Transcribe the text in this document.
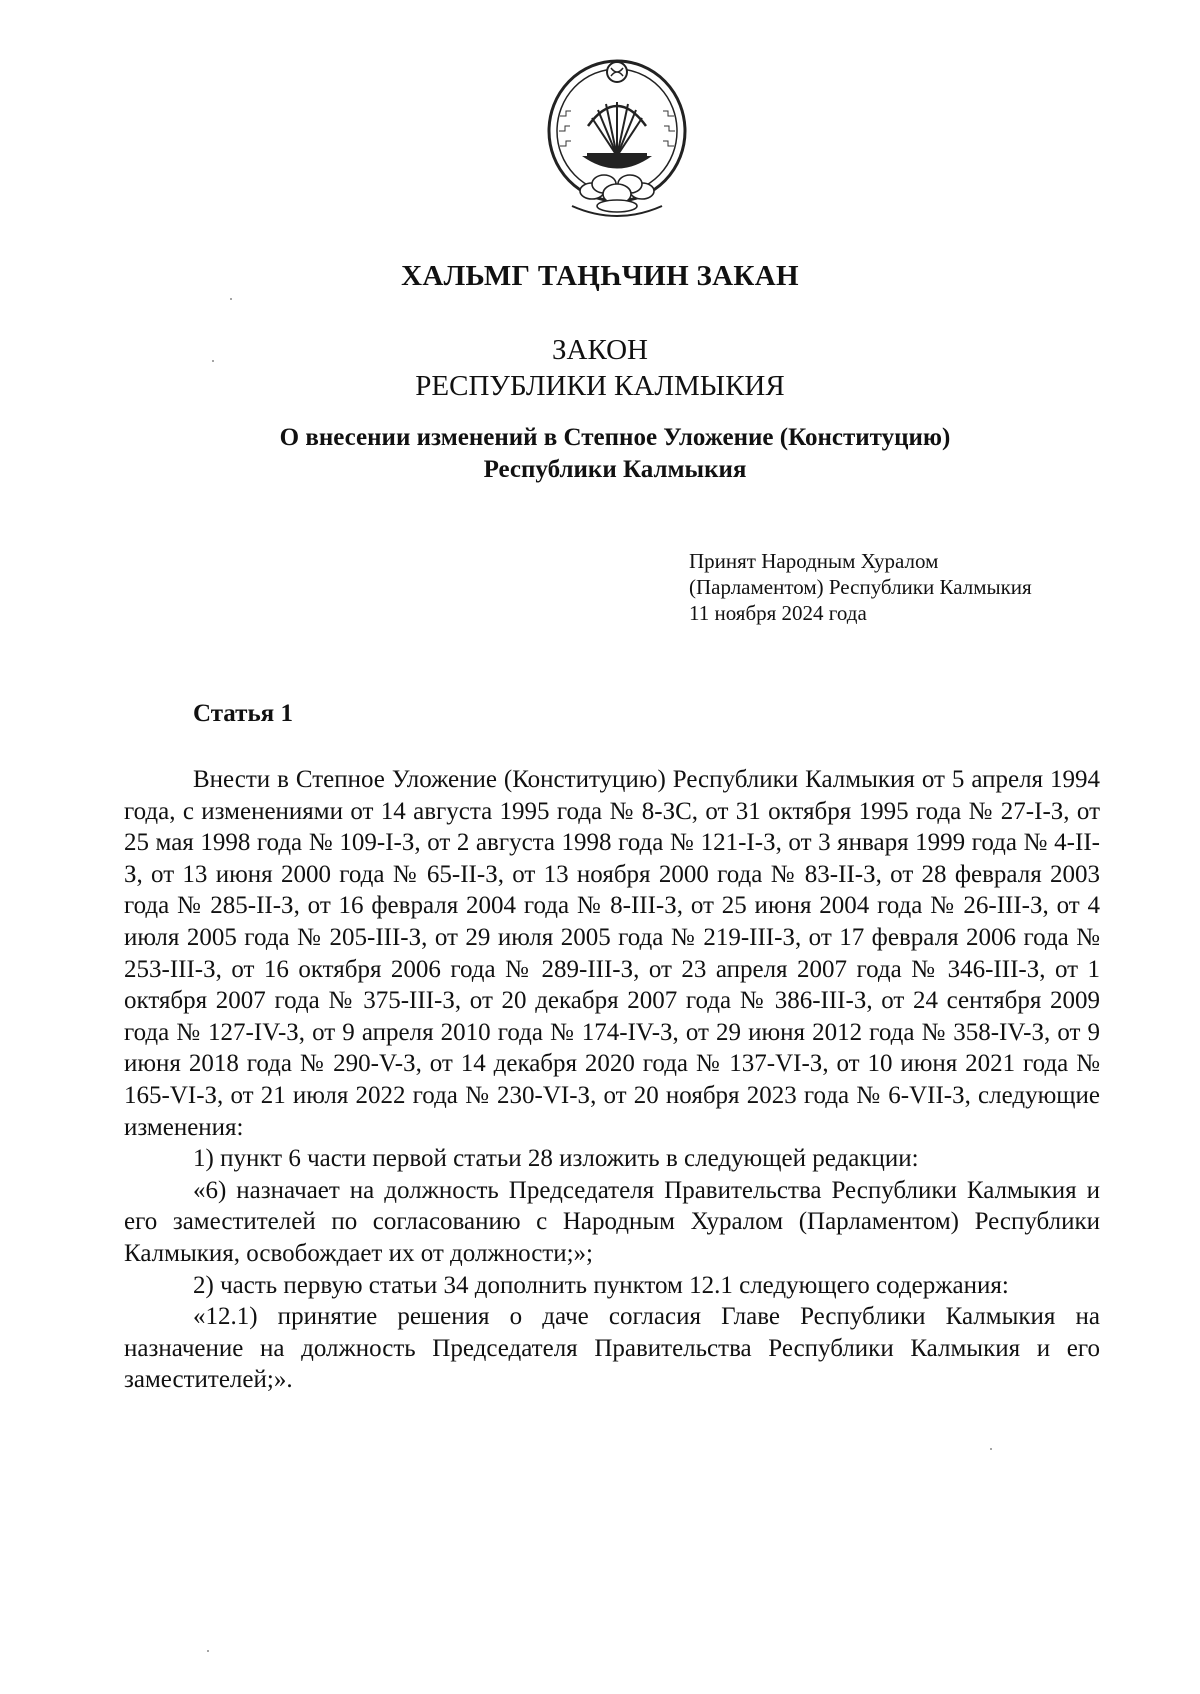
ХАЛЬМГ ТАҢҺЧИН ЗАКАН
ЗАКОН
РЕСПУБЛИКИ КАЛМЫКИЯ
О внесении изменений в Степное Уложение (Конституцию)
Республики Калмыкия
Принят Народным Хуралом
(Парламентом) Республики Калмыкия
11 ноября 2024 года
Статья 1

Внести в Степное Уложение (Конституцию) Республики Калмыкия от 5 апреля 1994 года, с изменениями от 14 августа 1995 года № 8-ЗС, от 31 октября 1995 года № 27-I-З, от 25 мая 1998 года № 109-I-З, от 2 августа 1998 года № 121-I-З, от 3 января 1999 года № 4-II-З, от 13 июня 2000 года № 65-II-З, от 13 ноября 2000 года № 83-II-З, от 28 февраля 2003 года № 285-II-З, от 16 февраля 2004 года № 8-III-З, от 25 июня 2004 года № 26-III-З, от 4 июля 2005 года № 205-III-З, от 29 июля 2005 года № 219-III-З, от 17 февраля 2006 года № 253-III-З, от 16 октября 2006 года № 289-III-З, от 23 апреля 2007 года № 346-III-З, от 1 октября 2007 года № 375-III-З, от 20 декабря 2007 года № 386-III-З, от 24 сентября 2009 года № 127-IV-З, от 9 апреля 2010 года № 174-IV-З, от 29 июня 2012 года № 358-IV-З, от 9 июня 2018 года № 290-V-З, от 14 декабря 2020 года № 137-VI-З, от 10 июня 2021 года № 165-VI-З, от 21 июля 2022 года № 230-VI-З, от 20 ноября 2023 года № 6-VII-З, следующие изменения:

1) пункт 6 части первой статьи 28 изложить в следующей редакции:

«6) назначает на должность Председателя Правительства Республики Калмыкия и его заместителей по согласованию с Народным Хуралом (Парламентом) Республики Калмыкия, освобождает их от должности;»;

2) часть первую статьи 34 дополнить пунктом 12.1 следующего содержания:

«12.1) принятие решения о даче согласия Главе Республики Калмыкия на назначение на должность Председателя Правительства Республики Калмыкия и его заместителей;».
